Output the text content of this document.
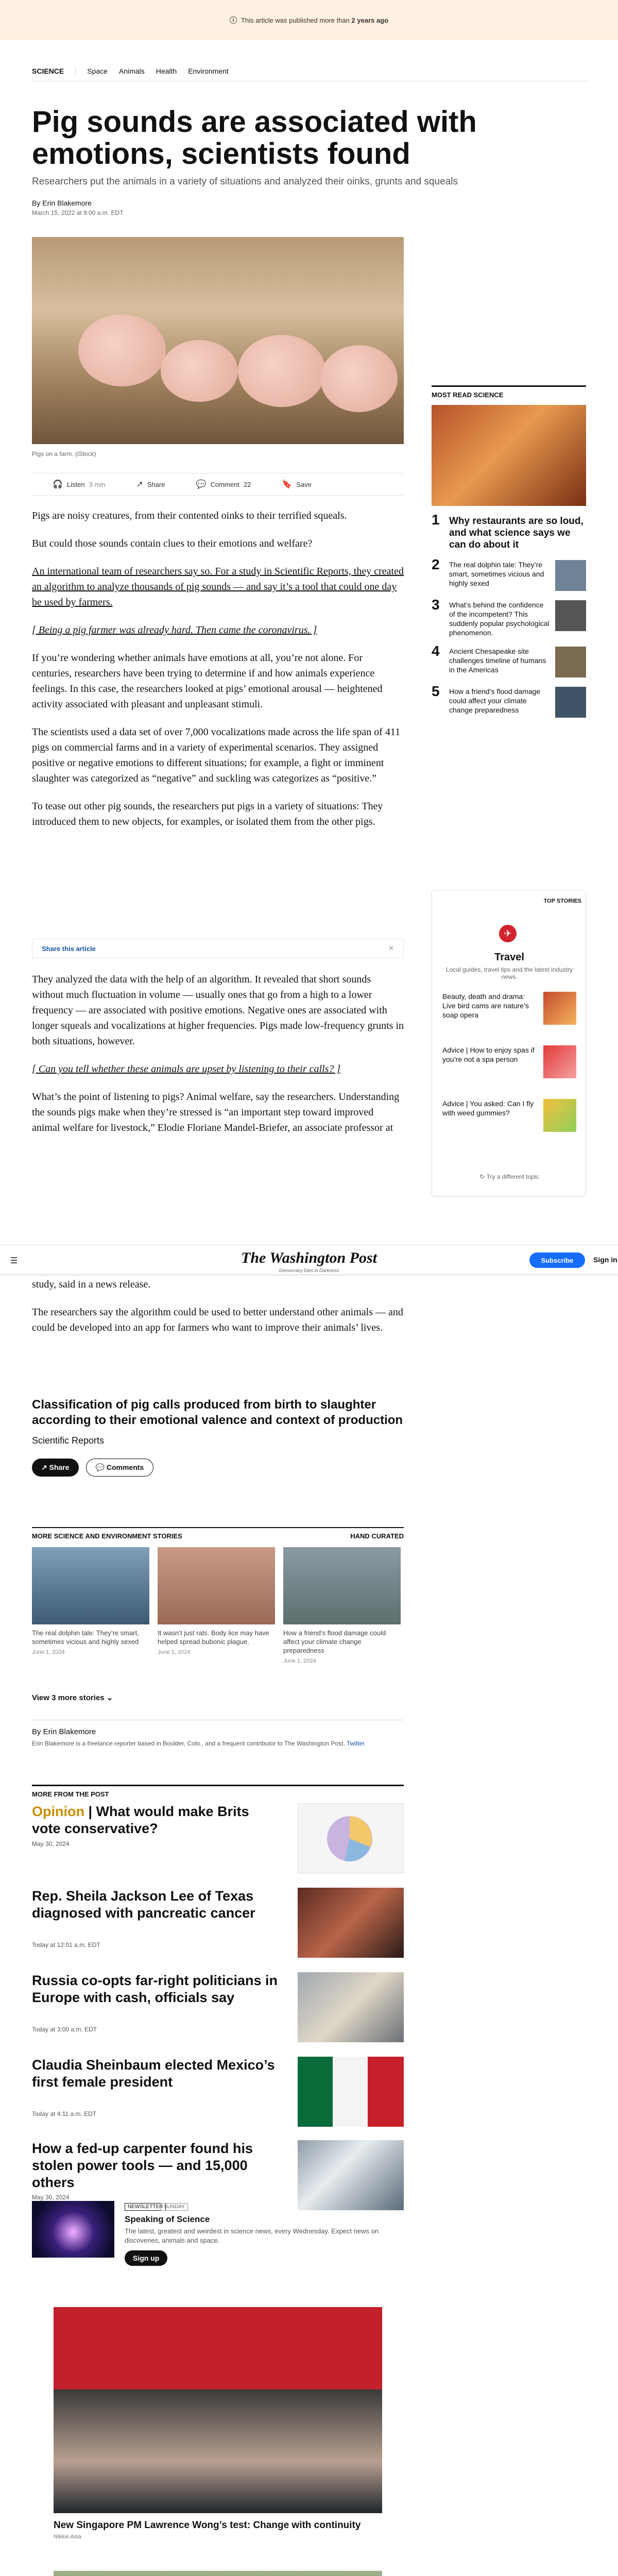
i	This article was published more than 2 years ago
SCIENCE	Space Animals Health Environment
Pig sounds are associated with emotions, scientists found

Researchers put the animals in a variety of situations and analyzed their oinks, grunts and squeals

By Erin Blakemore
March 15, 2022 at 9:00 a.m. EDT
Pigs on a farm. (iStock)
🎧 Listen 3 min	↗ Share	💬 Comment 22	🔖 Save

Pigs are noisy creatures, from their contented oinks to their terrified squeals.

But could those sounds contain clues to their emotions and welfare?

An international team of researchers say so. For a study in Scientific Reports, they created an algorithm to analyze thousands of pig sounds — and say it’s a tool that could one day be used by farmers.

[ Being a pig farmer was already hard. Then came the coronavirus. ]

If you’re wondering whether animals have emotions at all, you’re not alone. For centuries, researchers have been trying to determine if and how animals experience feelings. In this case, the researchers looked at pigs’ emotional arousal — heightened activity associated with pleasant and unpleasant stimuli.

The scientists used a data set of over 7,000 vocalizations made across the life span of 411 pigs on commercial farms and in a variety of experimental scenarios. They assigned positive or negative emotions to different situations; for example, a fight or imminent slaughter was categorized as “negative” and suckling was categorizes as “positive.”

To tease out other pig sounds, the researchers put pigs in a variety of situations: They introduced them to new objects, for examples, or isolated them from the other pigs.

Share this article	✕

They analyzed the data with the help of an algorithm. It revealed that short sounds without much fluctuation in volume — usually ones that go from a high to a lower frequency — are associated with positive emotions. Negative ones are associated with longer squeals and vocalizations at higher frequencies. Pigs made low-frequency grunts in both situations, however.

[ Can you tell whether these animals are upset by listening to their calls? ]

What’s the point of listening to pigs? Animal welfare, say the researchers. Understanding the sounds pigs make when they’re stressed is “an important step toward improved animal welfare for livestock,” Elodie Floriane Mandel-Briefer, an associate professor at

MOST READ SCIENCE
1 Why restaurants are so loud, and what science says we can do about it
2	The real dolphin tale: They’re smart, sometimes vicious and highly sexed
3	What’s behind the confidence of the incompetent? This suddenly popular psychological phenomenon.
4	Ancient Chesapeake site challenges timeline of humans in the Americas
5	How a friend’s flood damage could affect your climate change preparedness
TOP STORIES
✈
Travel
Local guides, travel tips and the latest industry news.
Beauty, death and drama: Live bird cams are nature’s soap opera
Advice | How to enjoy spas if you’re not a spa person
Advice | You asked: Can I fly with weed gummies?
↻ Try a different topic
☰	The Washington Post
Democracy Dies in Darkness
Subscribe	Sign in

study, said in a news release.

The researchers say the algorithm could be used to better understand other animals — and could be developed into an app for farmers who want to improve their animals’ lives.

Classification of pig calls produced from birth to slaughter according to their emotional valence and context of production
Scientific Reports
↗ Share	💬 Comments
MORE SCIENCE AND ENVIRONMENT STORIES	HAND CURATED
The real dolphin tale: They’re smart, sometimes vicious and highly sexed
June 1, 2024
It wasn’t just rats. Body lice may have helped spread bubonic plague.
June 1, 2024
How a friend’s flood damage could affect your climate change preparedness
June 1, 2024
View 3 more stories ⌄
By Erin Blakemore
Erin Blakemore is a freelance reporter based in Boulder, Colo., and a frequent contributor to The Washington Post. Twitter
MORE FROM THE POST
Opinion | What would make Brits vote conservative?
May 30, 2024
Rep. Sheila Jackson Lee of Texas diagnosed with pancreatic cancer
Today at 12:01 a.m. EDT
Russia co-opts far-right politicians in Europe with cash, officials say
Today at 3:00 a.m. EDT
Claudia Sheinbaum elected Mexico’s first female president
Today at 4:11 a.m. EDT
How a fed-up carpenter found his stolen power tools — and 15,000 others
May 30, 2024
NEWSLETTER SUNDAY
Speaking of Science
The latest, greatest and weirdest in science news, every Wednesday. Expect news on discoveries, animals and space.
Sign up
New Singapore PM Lawrence Wong’s test: Change with continuity
Nikkei Asia
